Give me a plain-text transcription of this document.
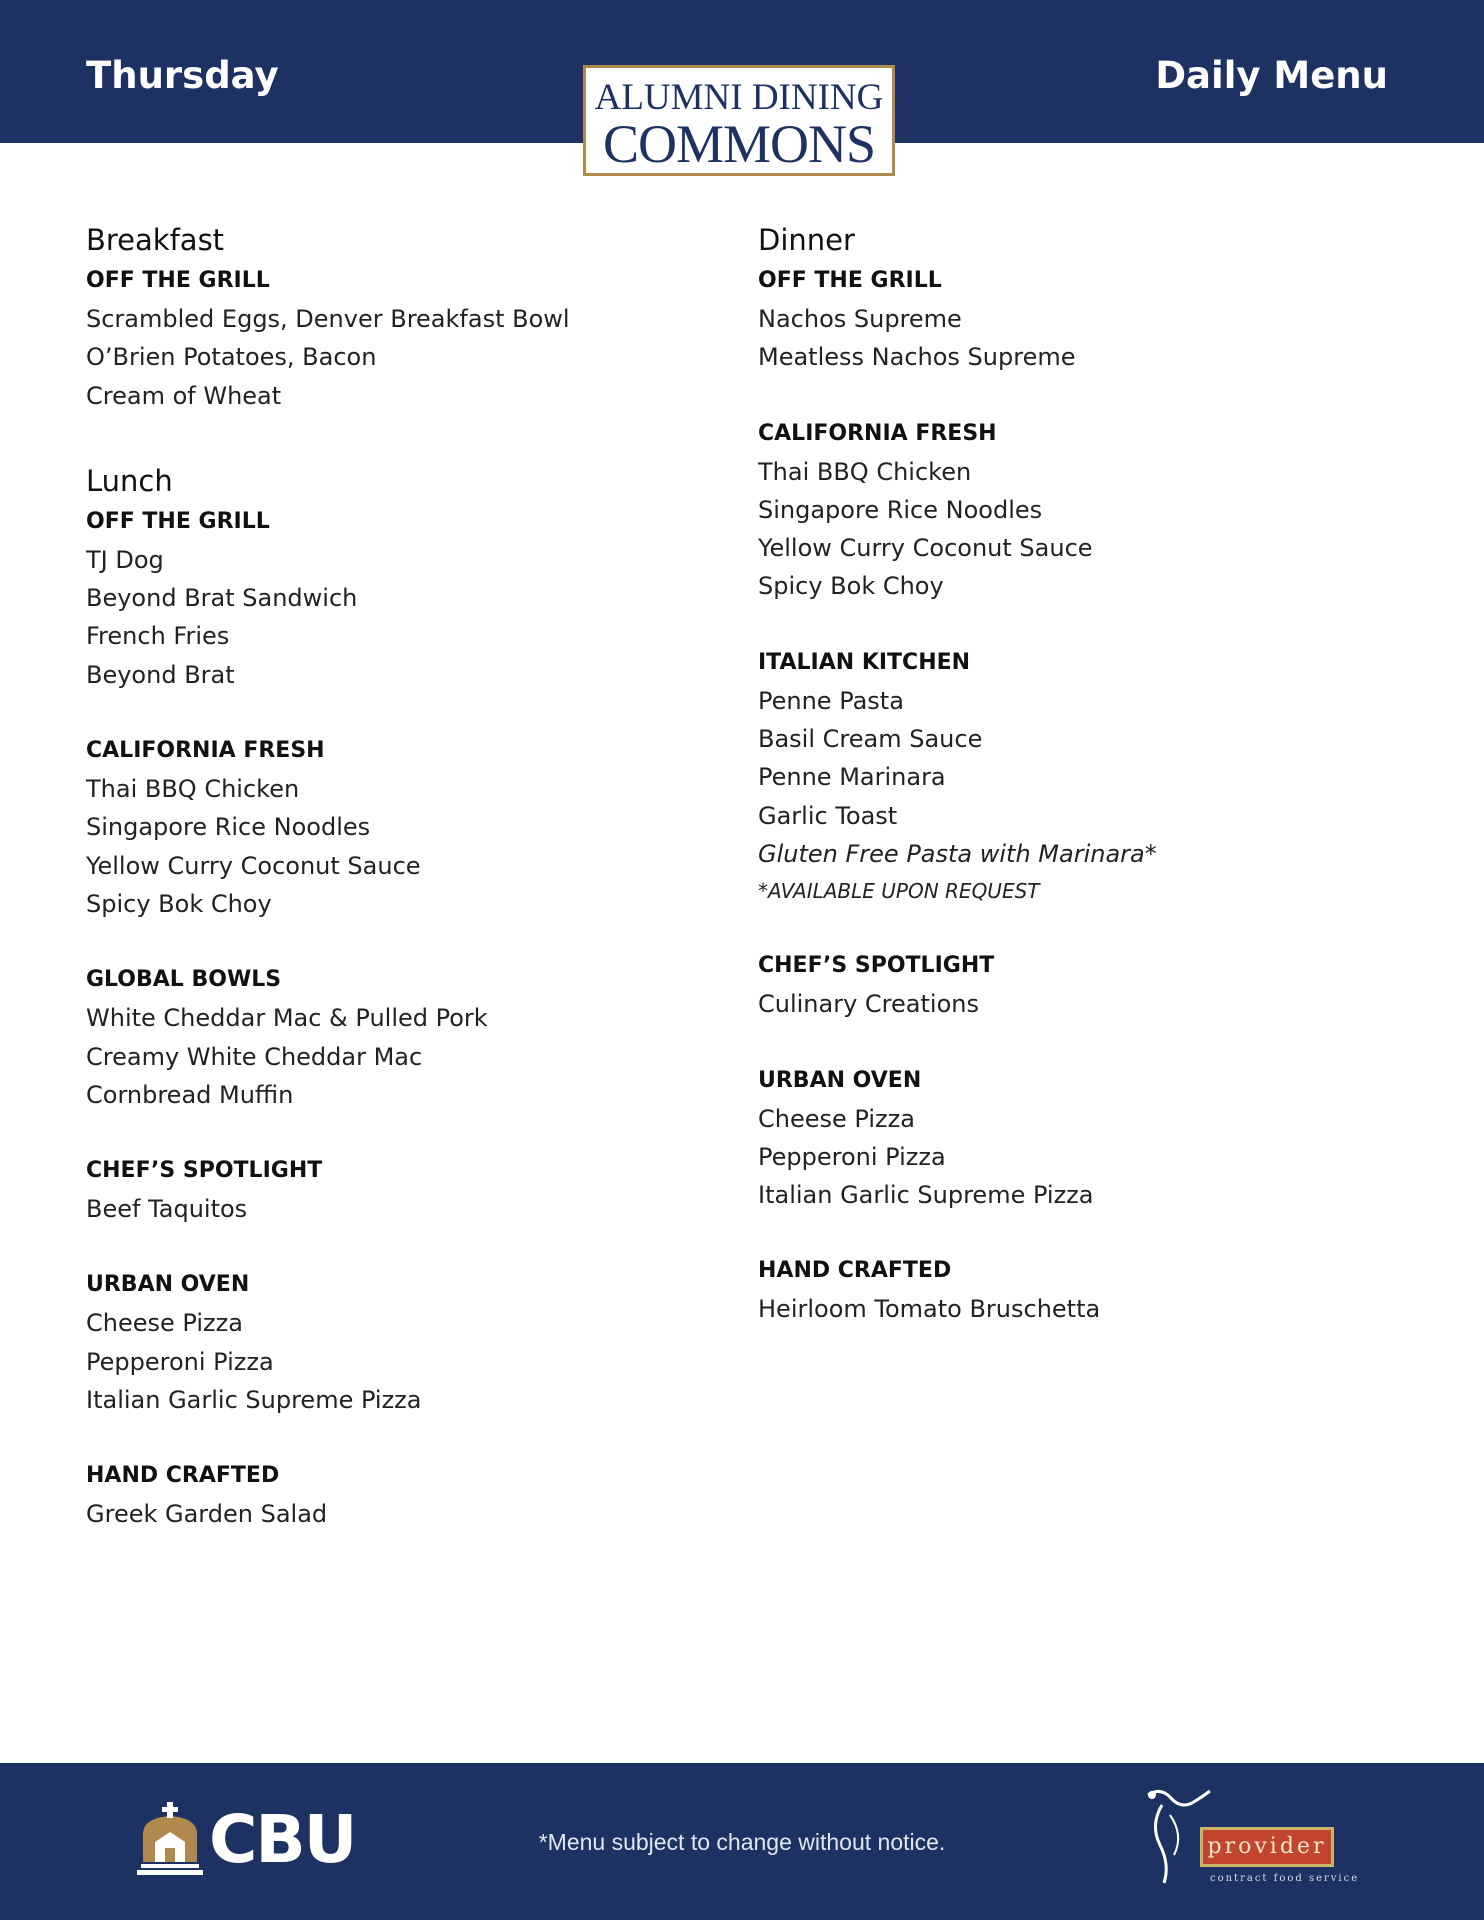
Thursday	Daily Menu
ALUMNI DINING
COMMONS
Breakfast
OFF THE GRILL
Scrambled Eggs, Denver Breakfast Bowl
O’Brien Potatoes, Bacon
Cream of Wheat
Lunch
OFF THE GRILL
TJ Dog
Beyond Brat Sandwich
French Fries
Beyond Brat
CALIFORNIA FRESH
Thai BBQ Chicken
Singapore Rice Noodles
Yellow Curry Coconut Sauce
Spicy Bok Choy
GLOBAL BOWLS
White Cheddar Mac & Pulled Pork
Creamy White Cheddar Mac
Cornbread Muffin
CHEF’S SPOTLIGHT
Beef Taquitos
URBAN OVEN
Cheese Pizza
Pepperoni Pizza
Italian Garlic Supreme Pizza
HAND CRAFTED
Greek Garden Salad
Dinner
OFF THE GRILL
Nachos Supreme
Meatless Nachos Supreme
CALIFORNIA FRESH
Thai BBQ Chicken
Singapore Rice Noodles
Yellow Curry Coconut Sauce
Spicy Bok Choy
ITALIAN KITCHEN
Penne Pasta
Basil Cream Sauce
Penne Marinara
Garlic Toast
Gluten Free Pasta with Marinara*
*AVAILABLE UPON REQUEST
CHEF’S SPOTLIGHT
Culinary Creations
URBAN OVEN
Cheese Pizza
Pepperoni Pizza
Italian Garlic Supreme Pizza
HAND CRAFTED
Heirloom Tomato Bruschetta
CBU	*Menu subject to change without notice.	provider
contract food service
